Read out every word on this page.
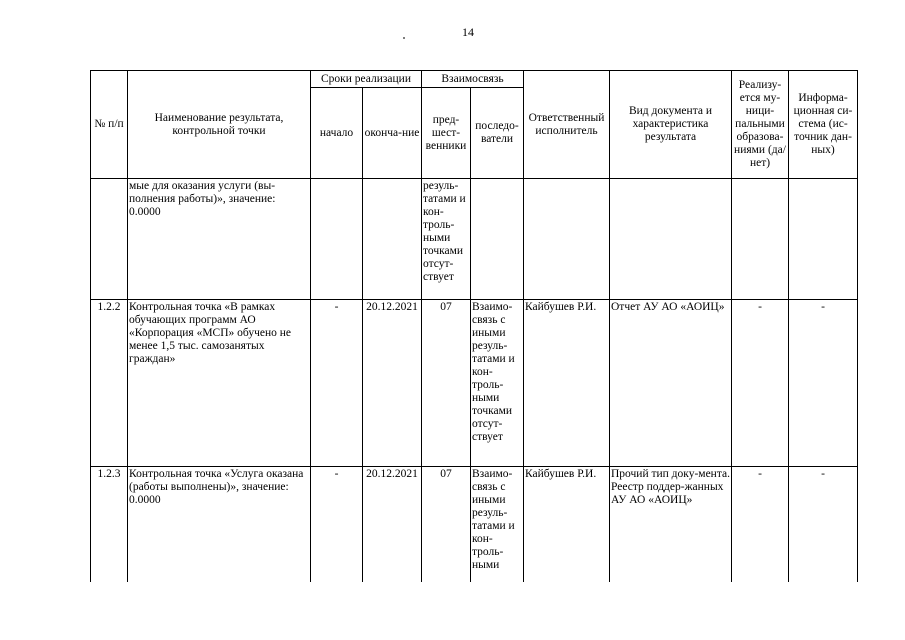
14
№ п/п	Наименование результата, контрольной точки	Сроки реализации		Взаимосвязь		Ответственный исполнитель	Вид документа и характеристика результата	Реализу-ется му-ници-пальными образова-ниями (да/нет)	Информа-ционная си-стема (ис-точник дан-ных)
		начало	оконча-ние	пред-шест-венники	последо-ватели				
	мые для оказания услуги (вы-полнения работы)», значение: 0.0000			резуль-татами и кон-троль-ными точками отсут-ствует					
1.2.2	Контрольная точка «В рамках обучающих программ АО «Корпорация «МСП» обучено не менее 1,5 тыс. самозанятых граждан»	-	20.12.2021	07	Взаимо-связь с иными резуль-татами и кон-троль-ными точками отсут-ствует	Кайбушев Р.И.	Отчет АУ АО «АОИЦ»	-	-
1.2.3	Контрольная точка «Услуга оказана (работы выполнены)», значение: 0.0000	-	20.12.2021	07	Взаимо-связь с иными резуль-татами и кон-троль-ными	Кайбушев Р.И.	Прочий тип доку-мента. Реестр поддер-жанных АУ АО «АОИЦ»	-	-
